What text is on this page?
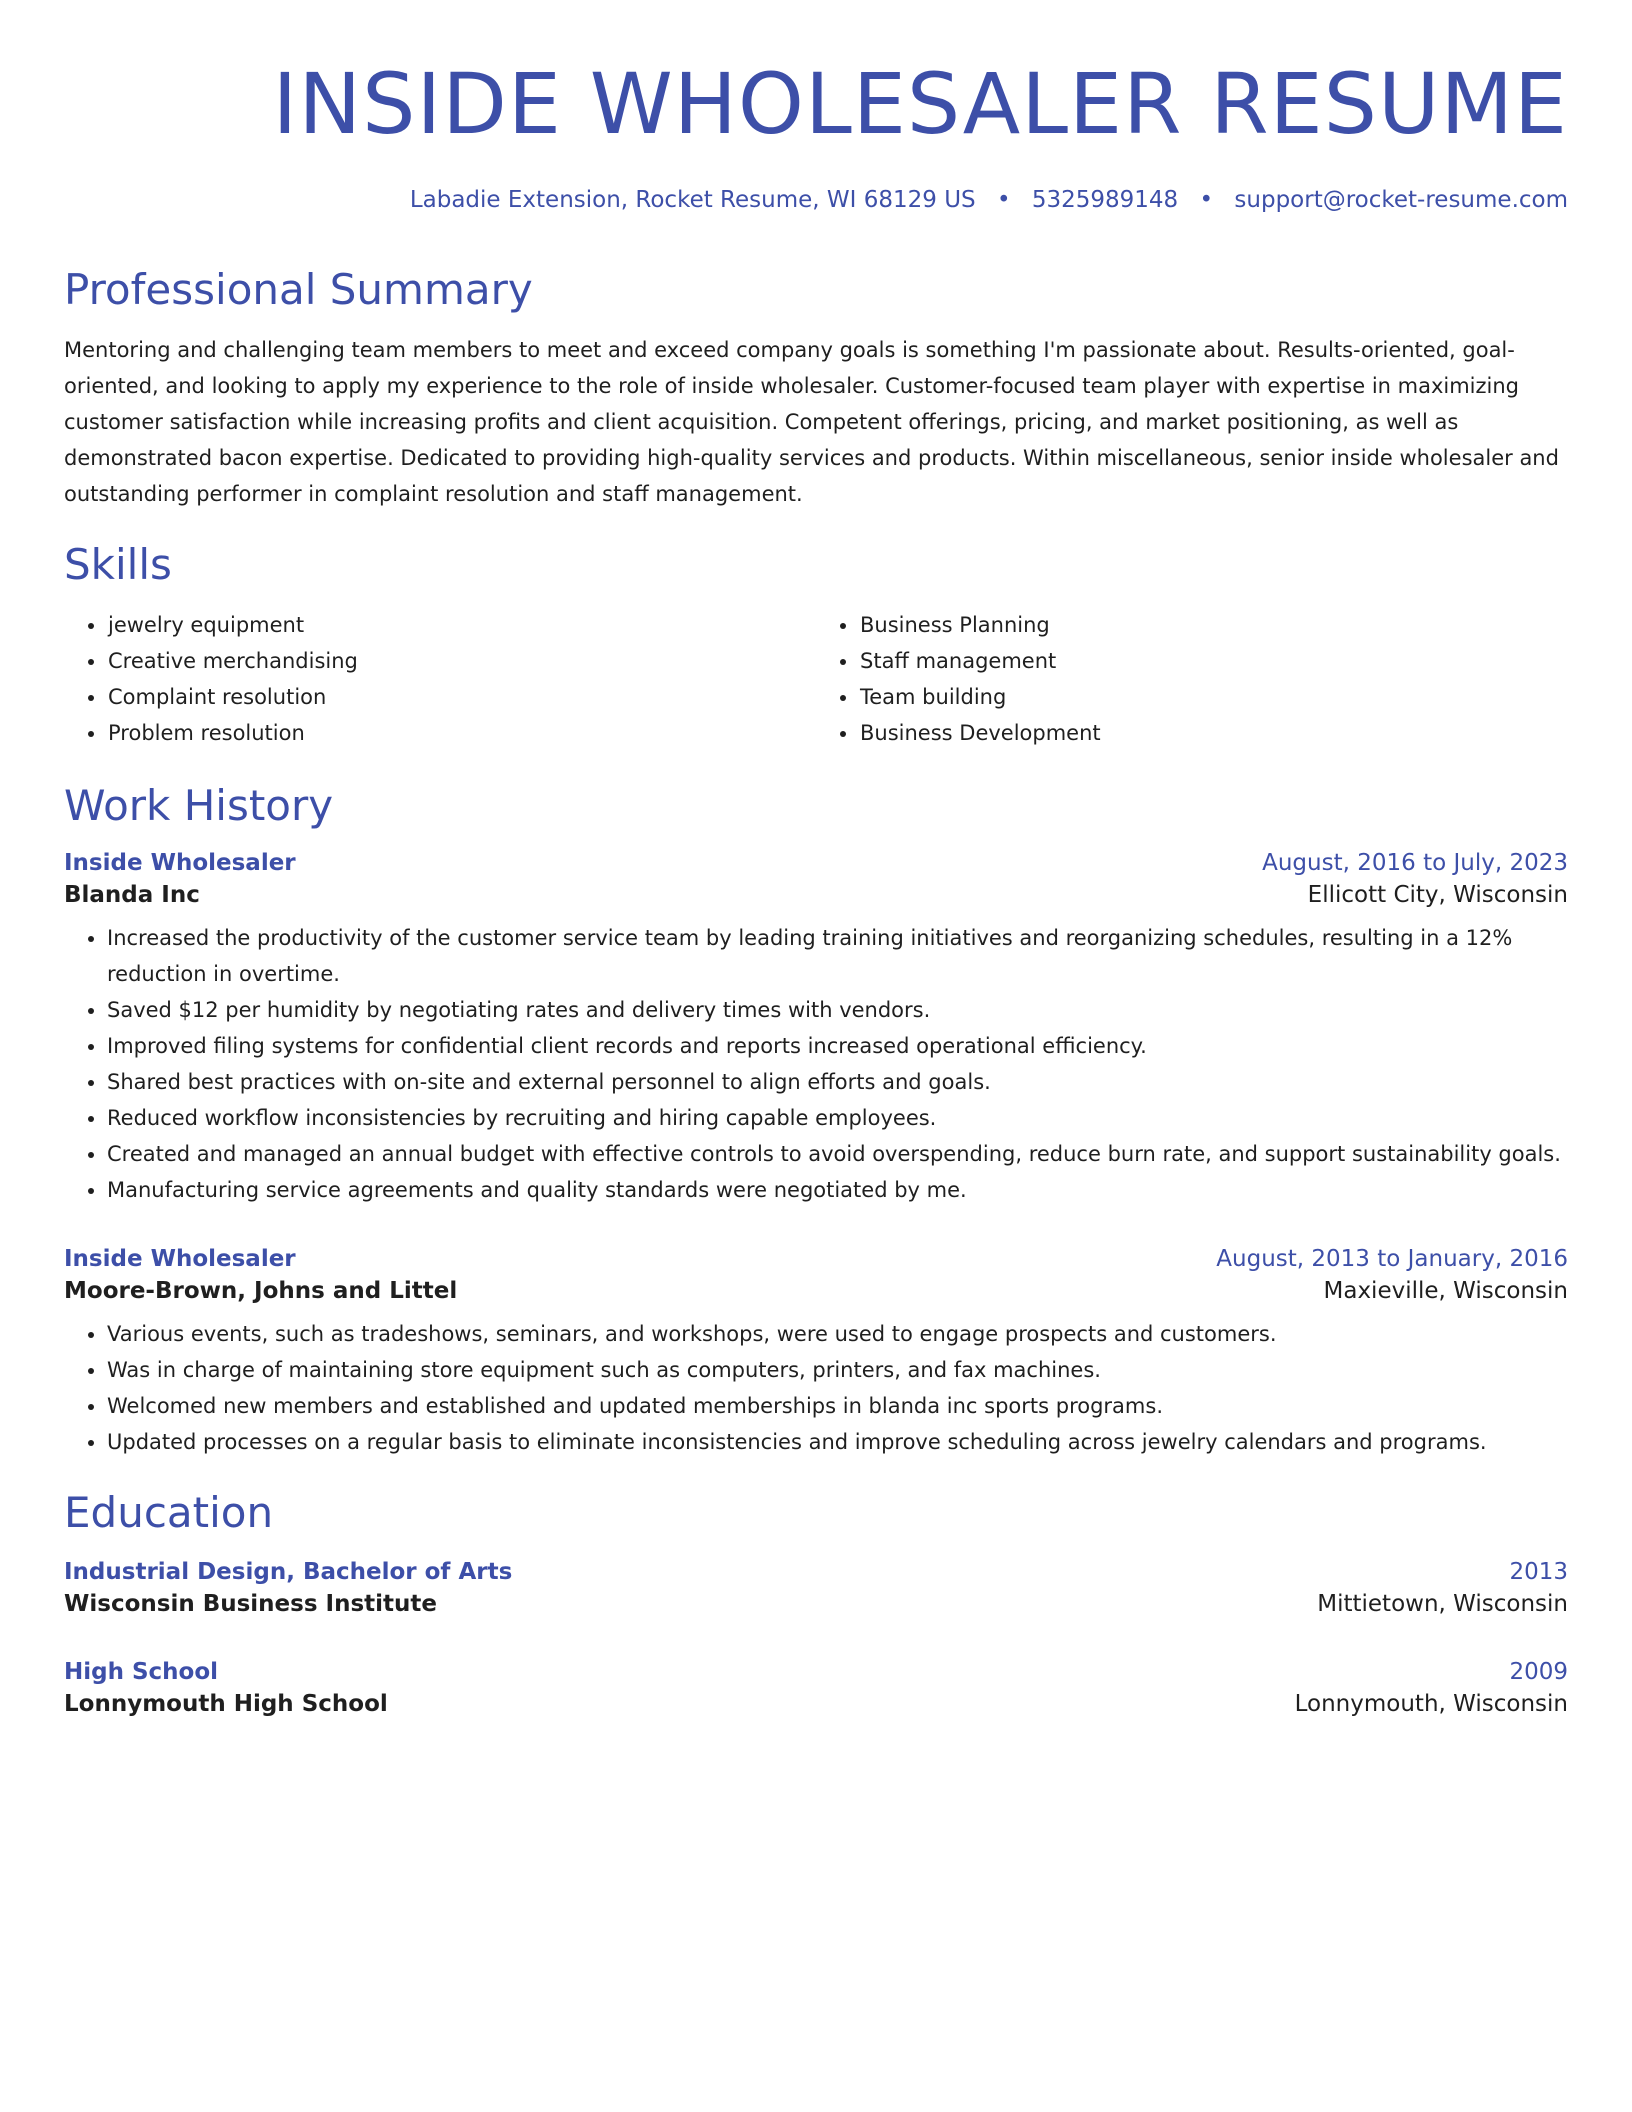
INSIDE WHOLESALER RESUME
Labadie Extension, Rocket Resume, WI 68129 US • 5325989148 • support@rocket-resume.com
Professional Summary
Mentoring and challenging team members to meet and exceed company goals is something I'm passionate about. Results-oriented, goal-oriented, and looking to apply my experience to the role of inside wholesaler. Customer-focused team player with expertise in maximizing customer satisfaction while increasing profits and client acquisition. Competent offerings, pricing, and market positioning, as well as demonstrated bacon expertise. Dedicated to providing high-quality services and products. Within miscellaneous, senior inside wholesaler and outstanding performer in complaint resolution and staff management.
Skills
• jewelry equipment
• Creative merchandising
• Complaint resolution
• Problem resolution
• Business Planning
• Staff management
• Team building
• Business Development
Work History
Inside Wholesaler	August, 2016 to July, 2023
Blanda Inc	Ellicott City, Wisconsin
• Increased the productivity of the customer service team by leading training initiatives and reorganizing schedules, resulting in a 12% reduction in overtime.
• Saved $12 per humidity by negotiating rates and delivery times with vendors.
• Improved filing systems for confidential client records and reports increased operational efficiency.
• Shared best practices with on-site and external personnel to align efforts and goals.
• Reduced workflow inconsistencies by recruiting and hiring capable employees.
• Created and managed an annual budget with effective controls to avoid overspending, reduce burn rate, and support sustainability goals.
• Manufacturing service agreements and quality standards were negotiated by me.
Inside Wholesaler	August, 2013 to January, 2016
Moore-Brown, Johns and Littel	Maxieville, Wisconsin
• Various events, such as tradeshows, seminars, and workshops, were used to engage prospects and customers.
• Was in charge of maintaining store equipment such as computers, printers, and fax machines.
• Welcomed new members and established and updated memberships in blanda inc sports programs.
• Updated processes on a regular basis to eliminate inconsistencies and improve scheduling across jewelry calendars and programs.
Education
Industrial Design, Bachelor of Arts	2013
Wisconsin Business Institute	Mittietown, Wisconsin
High School	2009
Lonnymouth High School	Lonnymouth, Wisconsin
